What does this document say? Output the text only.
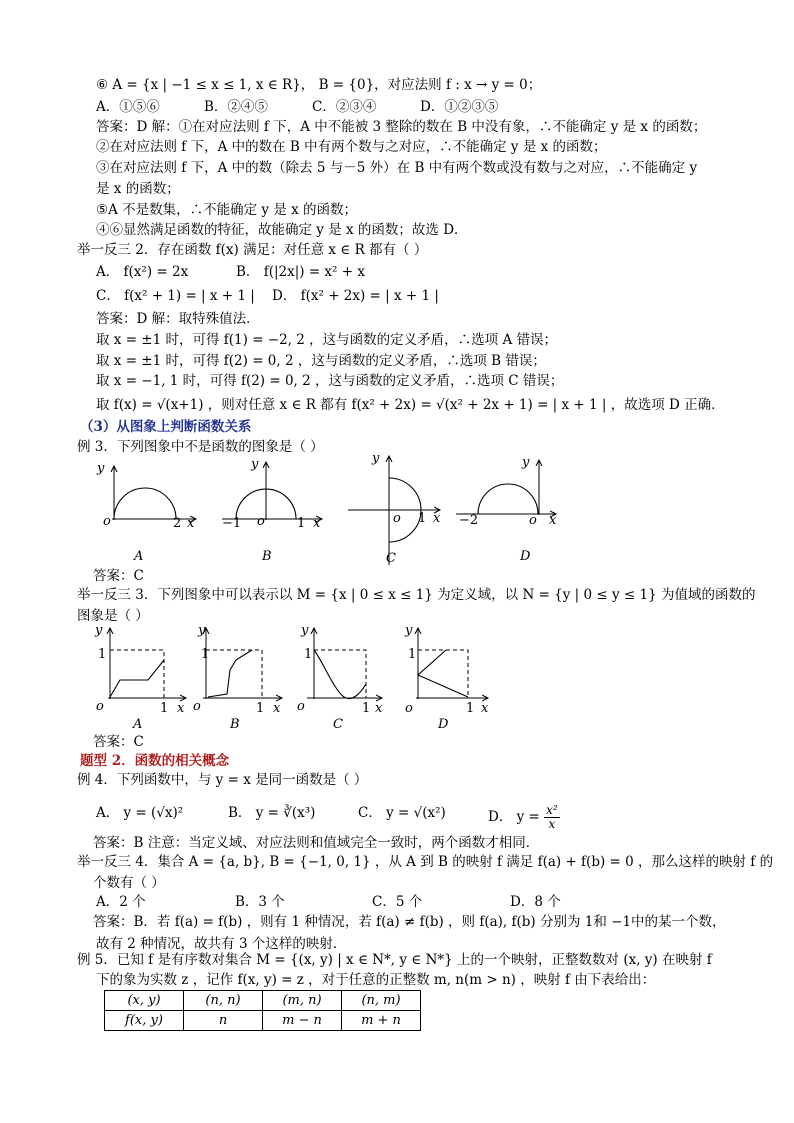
⑥ A = {x | −1 ≤ x ≤ 1, x ∈ R}， B = {0}，对应法则 f : x → y = 0；
A．①⑤⑥	B．②④⑤	C．②③④	D．①②③⑤
答案：D 解：①在对应法则 f 下，A 中不能被 3 整除的数在 B 中没有象，∴不能确定 y 是 x 的函数；
②在对应法则 f 下，A 中的数在 B 中有两个数与之对应，∴不能确定 y 是 x 的函数；
③在对应法则 f 下，A 中的数（除去 5 与－5 外）在 B 中有两个数或没有数与之对应，∴不能确定 y
是 x 的函数；
⑤A 不是数集，∴不能确定 y 是 x 的函数；
④⑥显然满足函数的特征，故能确定 y 是 x 的函数；故选 D．
举一反三 2．存在函数 f(x) 满足：对任意 x ∈ R 都有（ ）
A． f(x²) = 2x	B． f(|2x|) = x² + x
C． f(x² + 1) = | x + 1 | D． f(x² + 2x) = | x + 1 |
答案：D 解：取特殊值法．
取 x = ±1 时，可得 f(1) = −2, 2 ，这与函数的定义矛盾，∴选项 A 错误；
取 x = ±1 时，可得 f(2) = 0, 2 ，这与函数的定义矛盾，∴选项 B 错误；
取 x = −1, 1 时，可得 f(2) = 0, 2 ，这与函数的定义矛盾，∴选项 C 错误；
取 f(x) = √(x+1) ，则对任意 x ∈ R 都有 f(x² + 2x) = √(x² + 2x + 1) = | x + 1 | ，故选项 D 正确．
（3）从图象上判断函数关系
例 3．下列图象中不是函数的图象是（ ）
y
o	2 x
A
y
o
−1	1 x
B
y
o 1 x
C
y
o
−2	x
D
y
1
o	1 x
A
y
1
o	1 x
B
y
1
o	1 x
C
y
1
o	1 x
D
答案：C
举一反三 3．下列图象中可以表示以 M = {x | 0 ≤ x ≤ 1} 为定义域，以 N = {y | 0 ≤ y ≤ 1} 为值域的函数的
图象是（ ）
答案：C
题型 2．函数的相关概念
例 4．下列函数中，与 y = x 是同一函数是（ ）
A． y = (√x)²	B． y = ∛(x³)	C． y = √(x²)	D． $y = \frac{\text{x²}}{x}$
答案：B 注意：当定义域、对应法则和值域完全一致时，两个函数才相同．
举一反三 4．集合 A = {a, b}, B = {−1, 0, 1} ，从 A 到 B 的映射 f 满足 f(a) + f(b) = 0 ，那么这样的映射 f 的
个数有（ ）
A．2 个	B．3 个	C．5 个	D．8 个
答案：B．若 f(a) = f(b) ，则有 1 种情况，若 f(a) ≠ f(b) ，则 f(a), f(b) 分别为 1和 −1中的某一个数，
故有 2 种情况，故共有 3 个这样的映射．
例 5．已知 f 是有序数对集合 M = {(x, y) | x ∈ N*, y ∈ N*} 上的一个映射，正整数数对 (x, y) 在映射 f
下的象为实数 z ，记作 f(x, y) = z ，对于任意的正整数 m, n(m > n) ，映射 f 由下表给出：
(x, y)	(n, n)	(m, n)	(n, m)
f(x, y)	n	m − n	m + n
